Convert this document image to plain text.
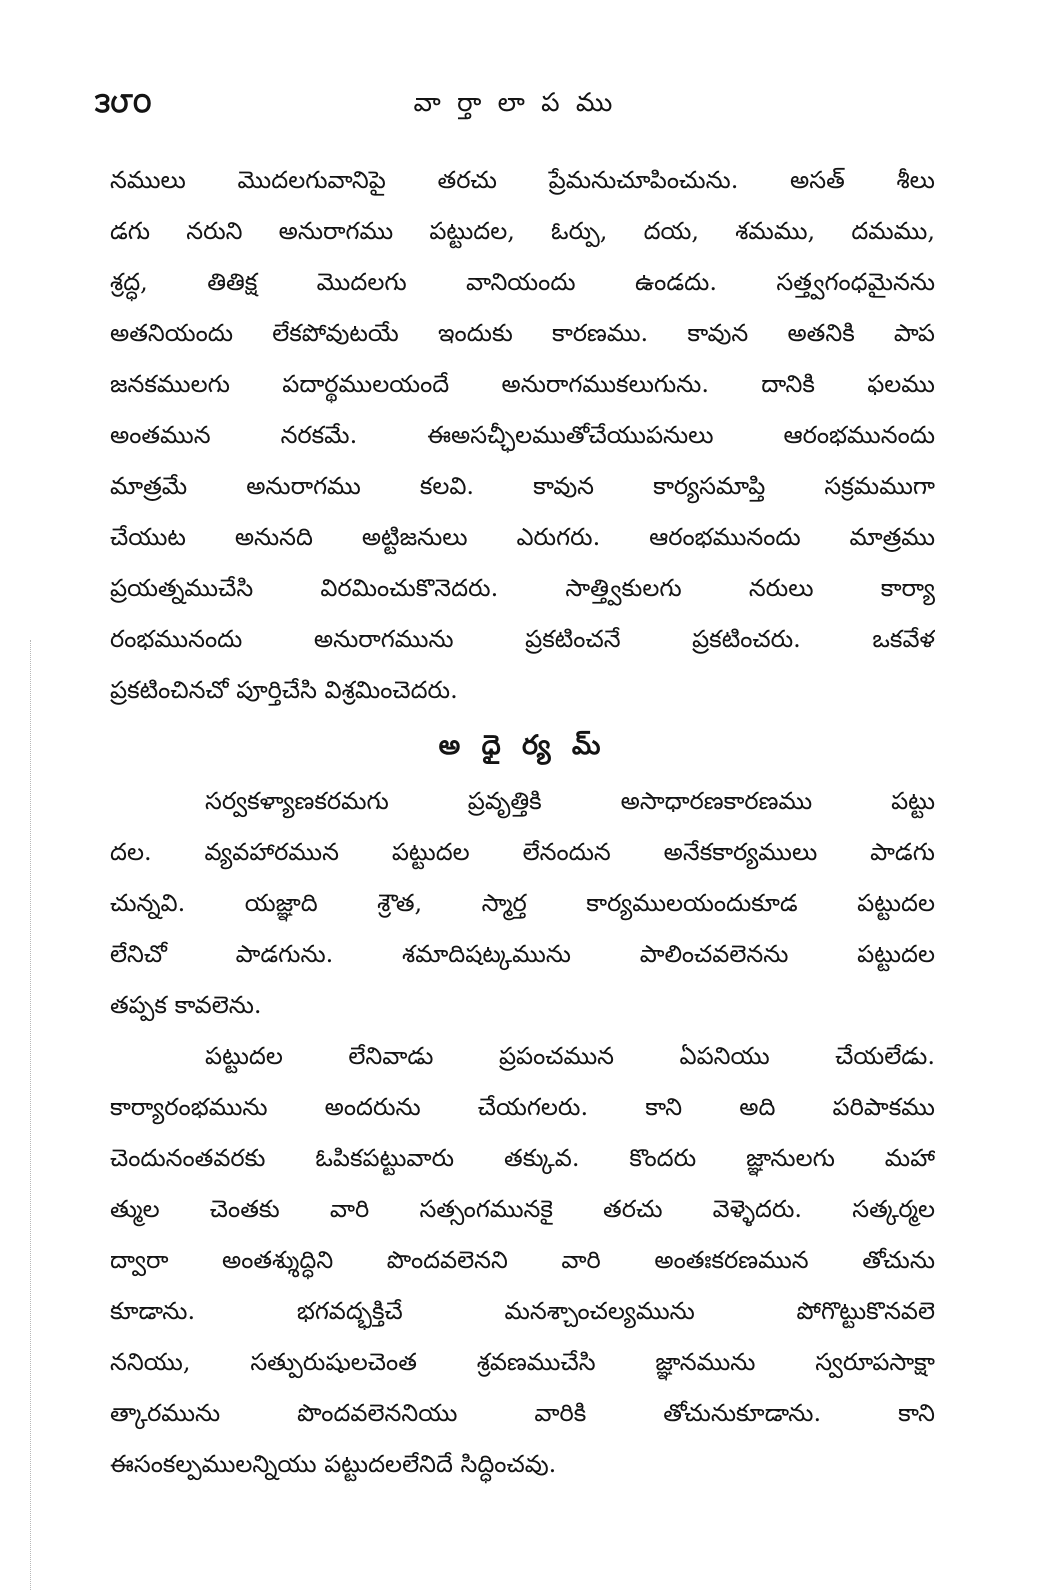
౩౮౦	వా ర్తా లా ప ము
నములు మొదలగువానిపై తరచు ప్రేమనుచూపించును. అసత్ శీలు
డగు నరుని అనురాగము పట్టుదల, ఓర్పు, దయ, శమము, దమము,
శ్రద్ధ, తితిక్ష మొదలగు వానియందు ఉండదు. సత్త్వగంధమైనను
అతనియందు లేకపోవుటయే ఇందుకు కారణము. కావున అతనికి పాప
జనకములగు పదార్థములయందే అనురాగముకలుగును. దానికి ఫలము
అంతమున నరకమే. ఈఅసచ్ఛీలముతోచేయుపనులు ఆరంభమునందు
మాత్రమే అనురాగము కలవి. కావున కార్యసమాప్తి సక్రమముగా
చేయుట అనునది అట్టిజనులు ఎరుగరు. ఆరంభమునందు మాత్రము
ప్రయత్నముచేసి విరమించుకొనెదరు. సాత్త్వికులగు నరులు కార్యా
రంభమునందు అనురాగమును ప్రకటించనే ప్రకటించరు. ఒకవేళ
ప్రకటించినచో పూర్తిచేసి విశ్రమించెదరు.
అ ధై ర్య మ్
సర్వకళ్యాణకరమగు ప్రవృత్తికి అసాధారణకారణము పట్టు
దల. వ్యవహారమున పట్టుదల లేనందున అనేకకార్యములు పాడగు
చున్నవి. యజ్ఞాది శ్రౌత, స్మార్త కార్యములయందుకూడ పట్టుదల
లేనిచో పాడగును. శమాదిషట్కమును పాలించవలెనను పట్టుదల
తప్పక కావలెను.
పట్టుదల లేనివాడు ప్రపంచమున ఏపనియు చేయలేడు.
కార్యారంభమును అందరును చేయగలరు. కాని అది పరిపాకము
చెందునంతవరకు ఓపికపట్టువారు తక్కువ. కొందరు జ్ఞానులగు మహా
త్ముల చెంతకు వారి సత్సంగమునకై తరచు వెళ్ళెదరు. సత్కర్మల
ద్వారా అంతశ్శుద్ధిని పొందవలెనని వారి అంతఃకరణమున తోచును
కూడాను. భగవద్భక్తిచే మనశ్చాంచల్యమును పోగొట్టుకొనవలె
ననియు, సత్పురుషులచెంత శ్రవణముచేసి జ్ఞానమును స్వరూపసాక్షా
త్కారమును పొందవలెననియు వారికి తోచునుకూడాను. కాని
ఈసంకల్పములన్నియు పట్టుదలలేనిదే సిద్ధించవు.
